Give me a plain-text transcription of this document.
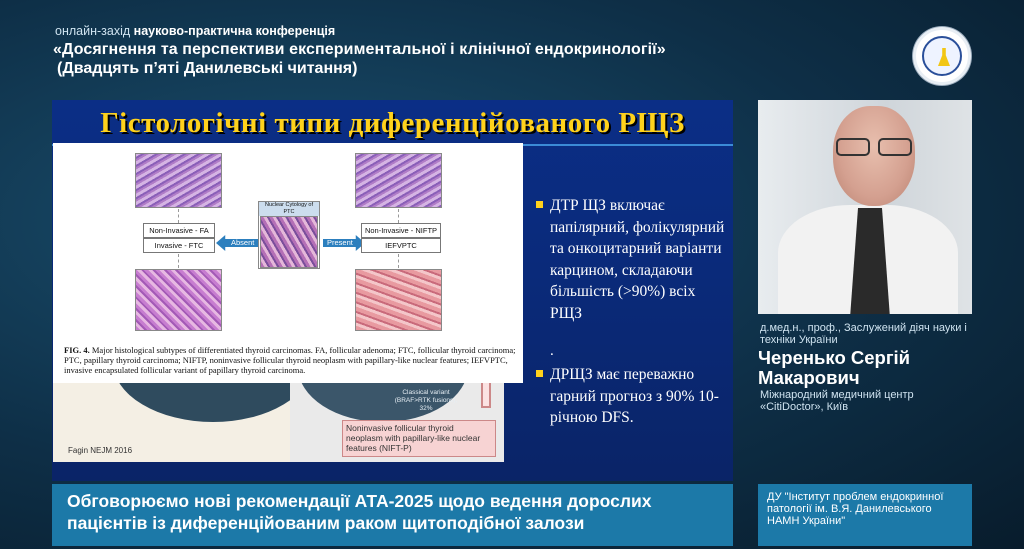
онлайн-захід науково-практична конференція
«Досягнення та перспективи експериментальної і клінічної ендокринології»
(Двадцять п’яті Данилевські читання)
Гістологічні типи диференційованого РЩЗ
Classical variant (BRAF>RTK fusions), 32%
Noninvasive follicular thyroid neoplasm with papillary-like nuclear features (NIFT-P)
Fagin NEJM 2016
Non-Invasive - FA
Invasive - FTC	Absent
Nuclear Cytology of PTC
Present
Non-Invasive - NIFTP
IEFVPTC
FIG. 4. Major histological subtypes of differentiated thyroid carcinomas. FA, follicular adenoma; FTC, follicular thyroid carcinoma; PTC, papillary thyroid carcinoma; NIFTP, noninvasive follicular thyroid neoplasm with papillary-like nuclear features; IEFVPTC, invasive encapsulated follicular variant of papillary thyroid carcinoma.
ДТР ЩЗ включає папілярний, фолікулярний та онкоцитарний варіанти карцином, складаючи більшість (>90%) всіх РЩЗ
.
ДРЩЗ має переважно гарний прогноз з 90% 10-річною DFS.
Обговорюємо нові рекомендації АТА-2025 щодо ведення дорослих пацієнтів із диференційованим раком щитоподібної залози
д.мед.н., проф., Заслужений діяч науки і техніки України
Черенько Сергій Макарович
Міжнародний медичний центр «CitiDoctor», Київ
ДУ "Інститут проблем ендокринної патології ім. В.Я. Данилевського НАМН України"
